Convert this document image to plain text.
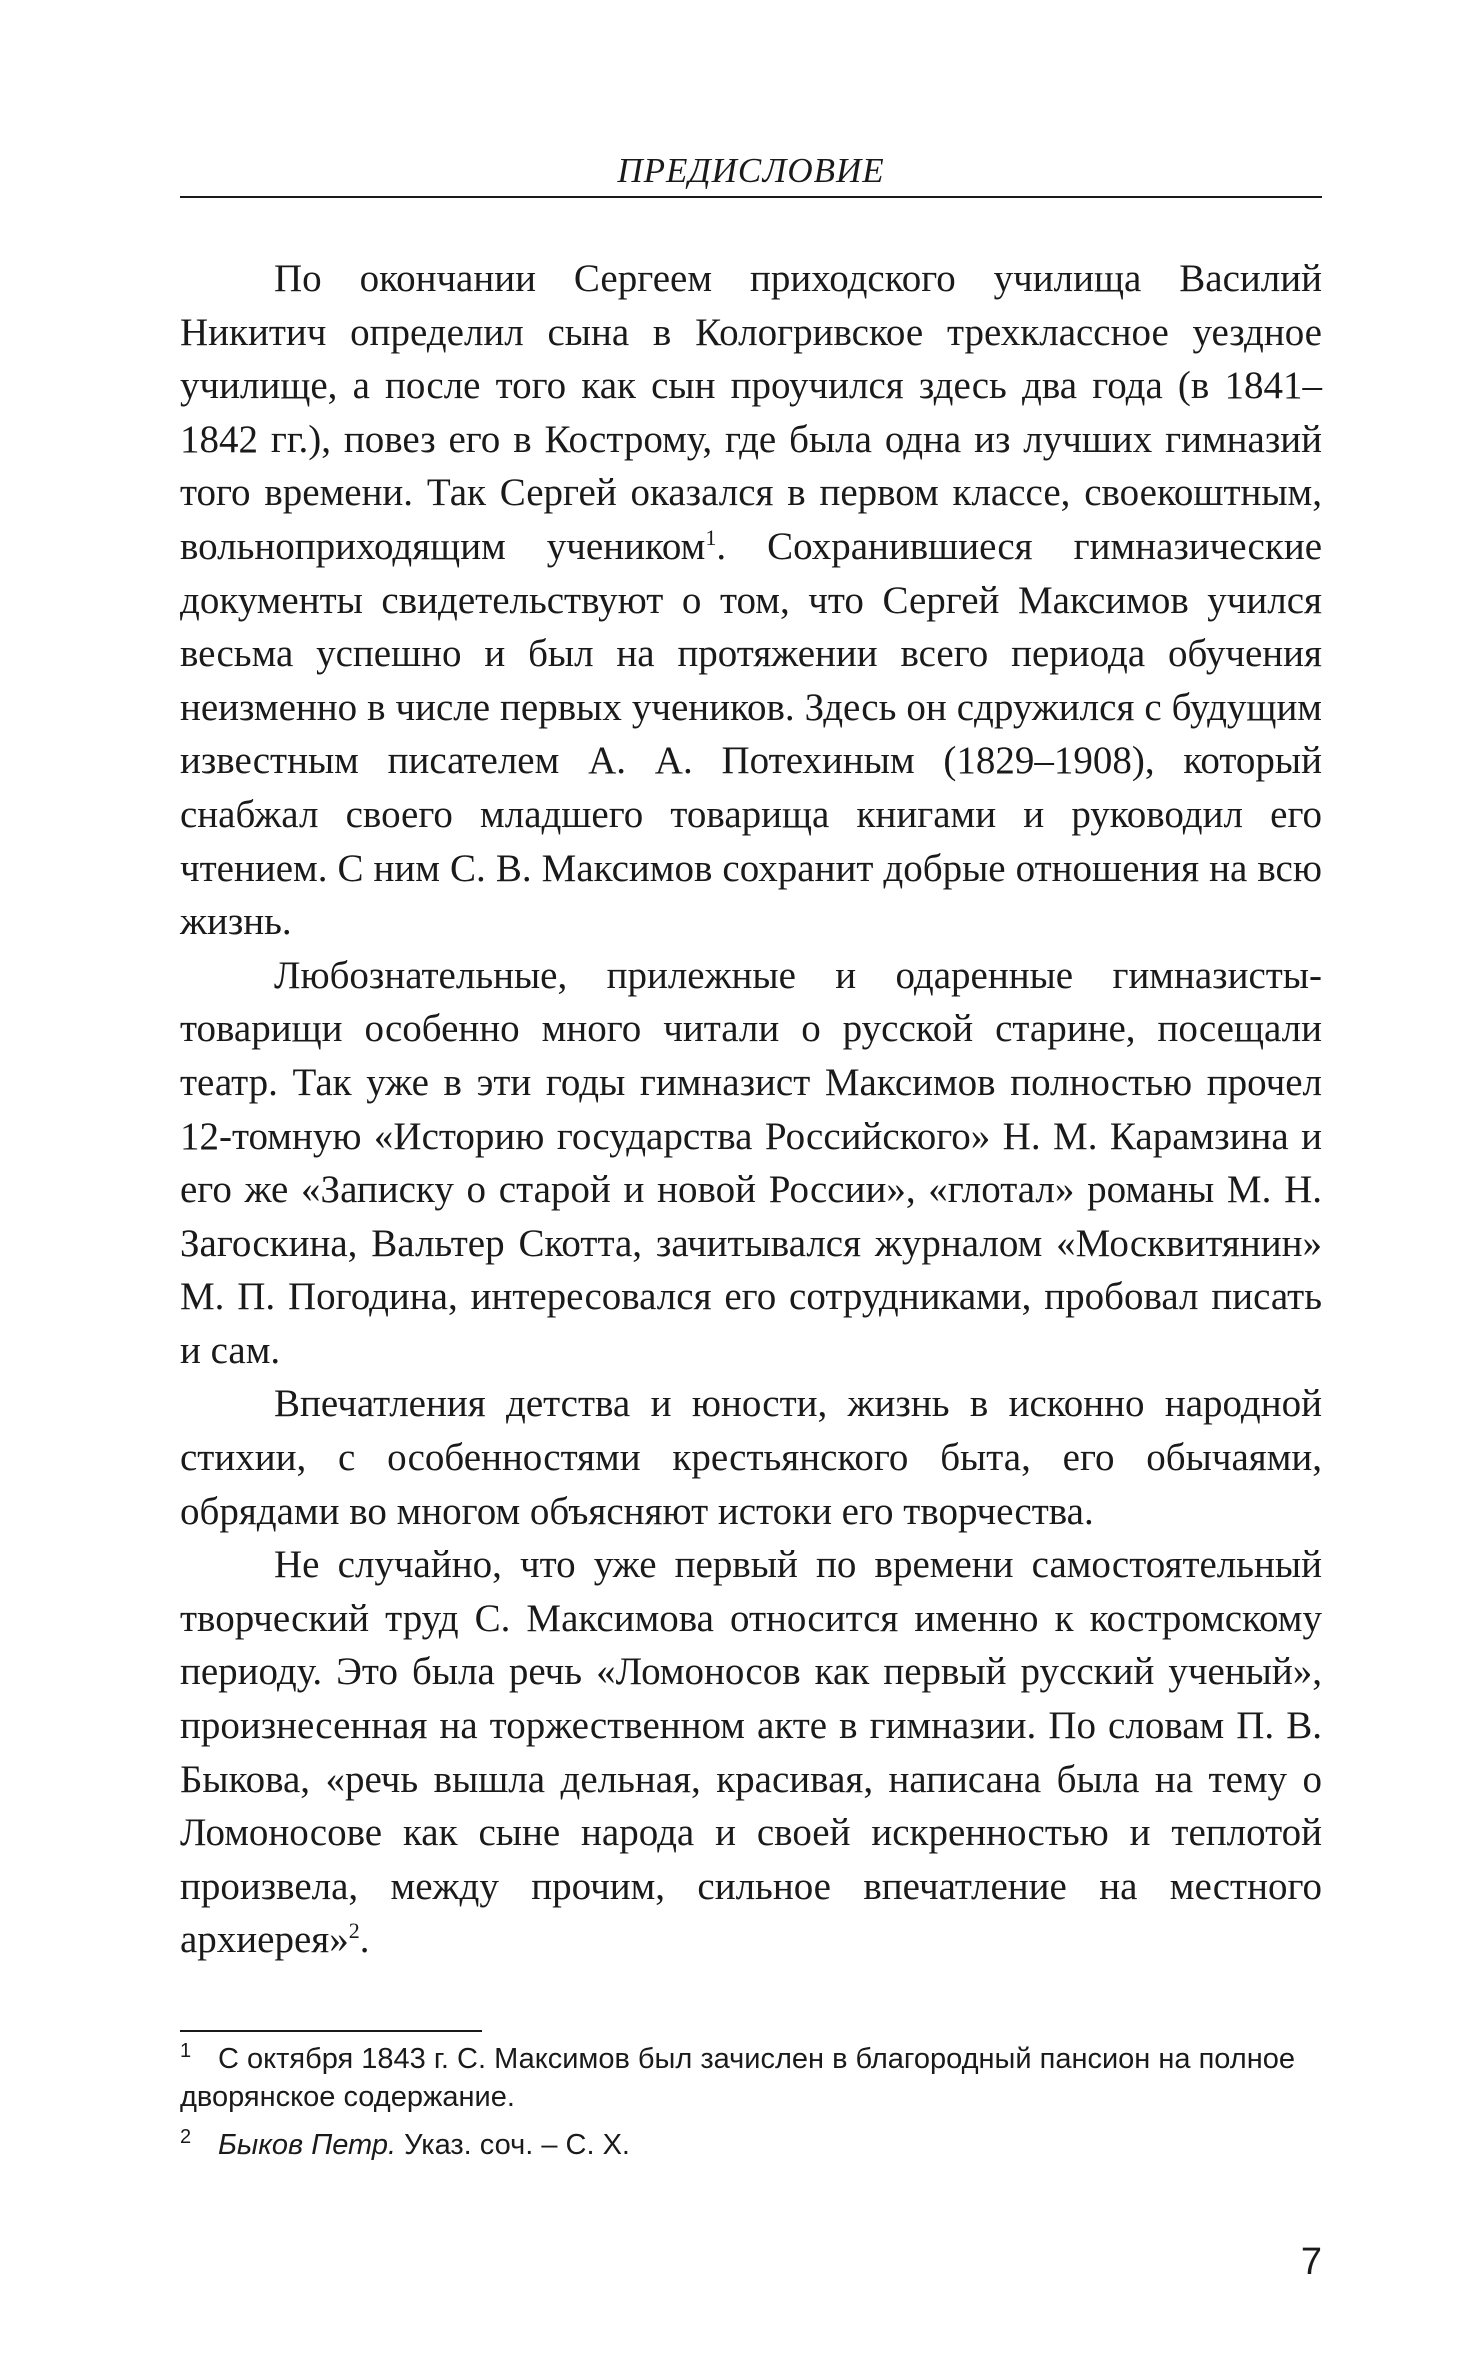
ПРЕДИСЛОВИЕ

По окончании Сергеем приходского училища Василий Никитич определил сына в Кологривское трехклассное уездное училище, а после того как сын проучился здесь два года (в 1841–1842 гг.), повез его в Кострому, где была одна из лучших гимназий того времени. Так Сергей оказался в первом классе, своекоштным, вольноприходящим учеником$^1$. Сохранившиеся гимназические документы свидетельствуют о том, что Сергей Максимов учился весьма успешно и был на протяжении всего периода обучения неизменно в числе первых учеников. Здесь он сдружился с будущим известным писателем А. А. Потехиным (1829–1908), который снабжал своего младшего товарища книгами и руководил его чтением. С ним С. В. Максимов сохранит добрые отношения на всю жизнь.

Любознательные, прилежные и одаренные гимназисты-товарищи особенно много читали о русской старине, посещали театр. Так уже в эти годы гимназист Максимов полностью прочел 12-томную «Историю государства Российского» Н. М. Карамзина и его же «Записку о старой и новой России», «глотал» романы М. Н. Загоскина, Вальтер Скотта, зачитывался журналом «Москвитянин» М. П. Погодина, интересовался его сотрудниками, пробовал писать и сам.

Впечатления детства и юности, жизнь в исконно народной стихии, с особенностями крестьянского быта, его обычаями, обрядами во многом объясняют истоки его творчества.

Не случайно, что уже первый по времени самостоятельный творческий труд С. Максимова относится именно к костромскому периоду. Это была речь «Ломоносов как первый русский ученый», произнесенная на торжественном акте в гимназии. По словам П. В. Быкова, «речь вышла дельная, красивая, написана была на тему о Ломоносове как сыне народа и своей искренностью и теплотой произвела, между прочим, сильное впечатление на местного архиерея»$^2$.

1 С октября 1843 г. С. Максимов был зачислен в благородный пансион на полное дворянское содержание.

2 Быков Петр. Указ. соч. – С. Х.

7
